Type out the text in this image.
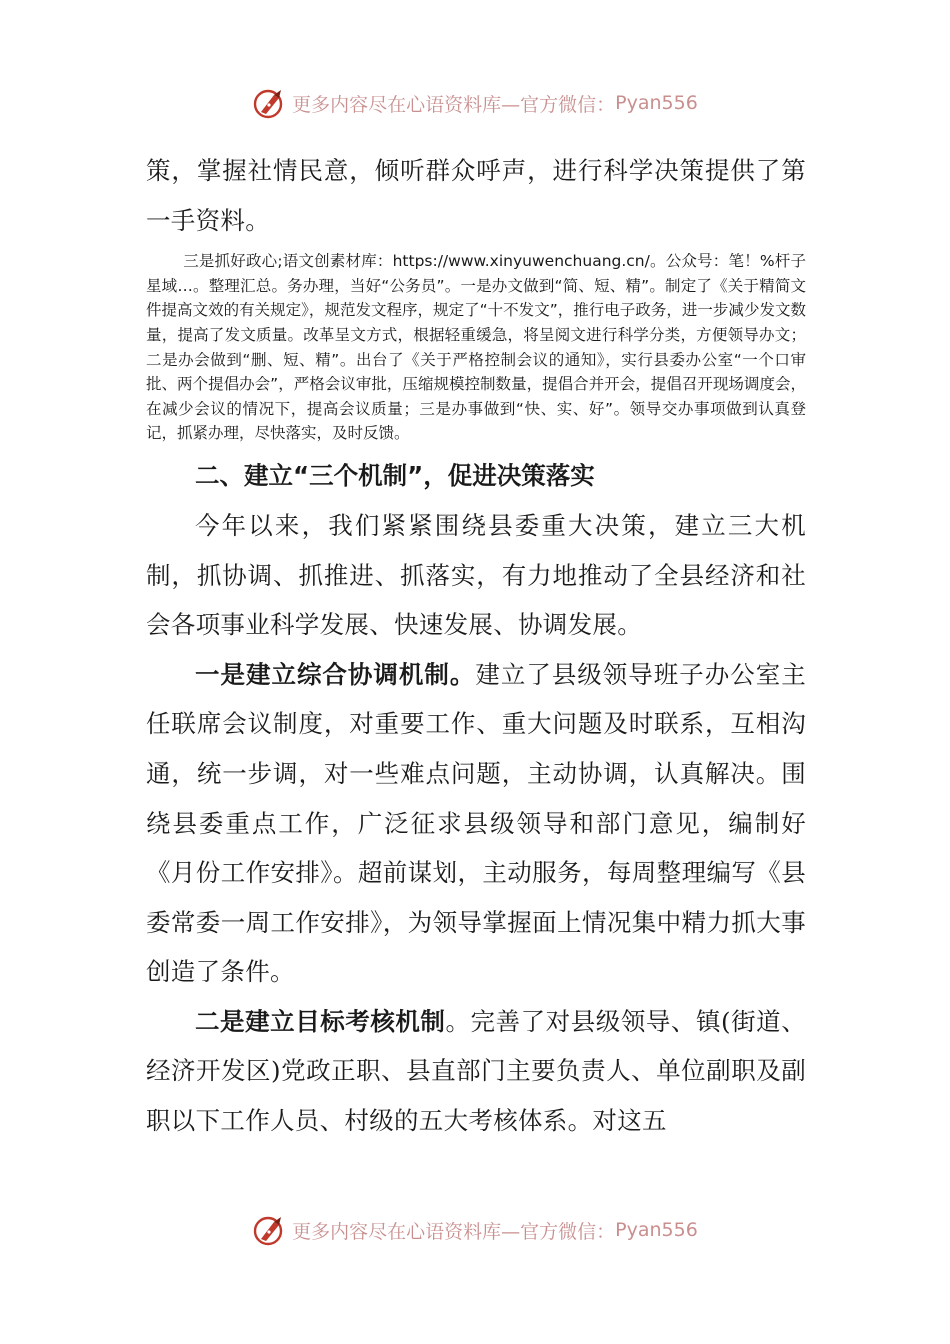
更多内容尽在心语资料库—官方微信： Pyan556

策，掌握社情民意，倾听群众呼声，进行科学决策提供了第一手资料。

三是抓好政心;语文创素材库：https://www.xinyuwenchuang.cn/。公众号：笔！%杆子星域…。整理汇总。务办理，当好“公务员”。一是办文做到“简、短、精”。制定了《关于精简文件提高文效的有关规定》，规范发文程序，规定了“十不发文”，推行电子政务，进一步减少发文数量，提高了发文质量。改革呈文方式，根据轻重缓急，将呈阅文进行科学分类，方便领导办文；二是办会做到“删、短、精”。出台了《关于严格控制会议的通知》，实行县委办公室“一个口审批、两个提倡办会”，严格会议审批，压缩规模控制数量，提倡合并开会，提倡召开现场调度会，在减少会议的情况下，提高会议质量；三是办事做到“快、实、好”。领导交办事项做到认真登记，抓紧办理，尽快落实，及时反馈。

二、建立“三个机制”，促进决策落实

今年以来，我们紧紧围绕县委重大决策，建立三大机制，抓协调、抓推进、抓落实，有力地推动了全县经济和社会各项事业科学发展、快速发展、协调发展。

一是建立综合协调机制。建立了县级领导班子办公室主任联席会议制度，对重要工作、重大问题及时联系，互相沟通，统一步调，对一些难点问题，主动协调，认真解决。围绕县委重点工作，广泛征求县级领导和部门意见，编制好《月份工作安排》。超前谋划，主动服务，每周整理编写《县委常委一周工作安排》，为领导掌握面上情况集中精力抓大事创造了条件。

二是建立目标考核机制。完善了对县级领导、镇(街道、经济开发区)党政正职、县直部门主要负责人、单位副职及副职以下工作人员、村级的五大考核体系。对这五

更多内容尽在心语资料库—官方微信： Pyan556
